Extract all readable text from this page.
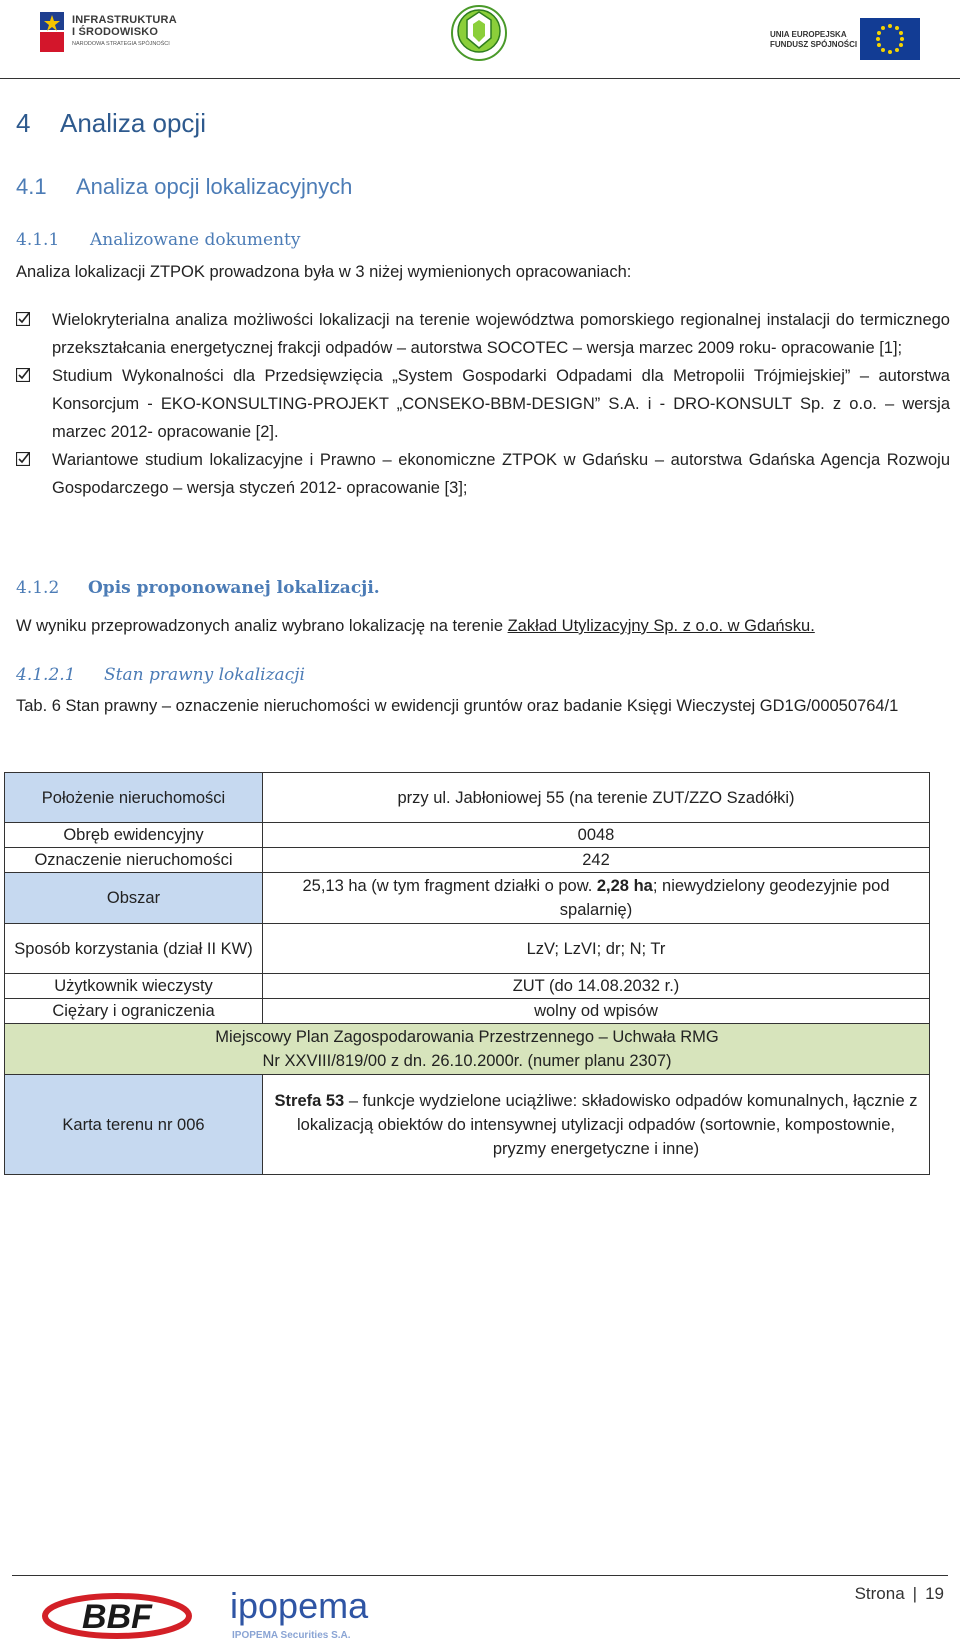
INFRASTRUKTURA
I ŚRODOWISKO
NARODOWA STRATEGIA SPÓJNOŚCI
UNIA EUROPEJSKA
FUNDUSZ SPÓJNOŚCI
4 Analiza opcji
4.1 Analiza opcji lokalizacyjnych
4.1.1 Analizowane dokumenty
Analiza lokalizacji ZTPOK prowadzona była w 3 niżej wymienionych opracowaniach:
Wielokryterialna analiza możliwości lokalizacji na terenie województwa pomorskiego regionalnej instalacji do termicznego przekształcania energetycznej frakcji odpadów – autorstwa SOCOTEC – wersja marzec 2009 roku- opracowanie [1];
Studium Wykonalności dla Przedsięwzięcia „System Gospodarki Odpadami dla Metropolii Trójmiejskiej” – autorstwa Konsorcjum - EKO-KONSULTING-PROJEKT „CONSEKO-BBM-DESIGN” S.A. i - DRO-KONSULT Sp. z o.o. – wersja marzec 2012- opracowanie [2].
Wariantowe studium lokalizacyjne i Prawno – ekonomiczne ZTPOK w Gdańsku – autorstwa Gdańska Agencja Rozwoju Gospodarczego – wersja styczeń 2012- opracowanie [3];
4.1.2 Opis proponowanej lokalizacji.
W wyniku przeprowadzonych analiz wybrano lokalizację na terenie Zakład Utylizacyjny Sp. z o.o. w Gdańsku.
4.1.2.1 Stan prawny lokalizacji
Tab. 6 Stan prawny – oznaczenie nieruchomości w ewidencji gruntów oraz badanie Księgi Wieczystej GD1G/00050764/1
Położenie nieruchomości	przy ul. Jabłoniowej 55 (na terenie ZUT/ZZO Szadółki)
Obręb ewidencyjny	0048
Oznaczenie nieruchomości	242
Obszar	25,13 ha (w tym fragment działki o pow. 2,28 ha; niewydzielony geodezyjnie pod spalarnię)
Sposób korzystania (dział II KW)	LzV; LzVI; dr; N; Tr
Użytkownik wieczysty	ZUT (do 14.08.2032 r.)
Ciężary i ograniczenia	wolny od wpisów

Miejscowy Plan Zagospodarowania Przestrzennego – Uchwała RMG
Nr XXVIII/819/00 z dn. 26.10.2000r. (numer planu 2307)	

Karta terenu nr 006	Strefa 53 – funkcje wydzielone uciążliwe: składowisko odpadów komunalnych, łącznie z lokalizacją obiektów do intensywnej utylizacji odpadów (sortownie, kompostownie, pryzmy energetyczne i inne)
BBF ipopema
IPOPEMA Securities S.A.
Strona | 19
